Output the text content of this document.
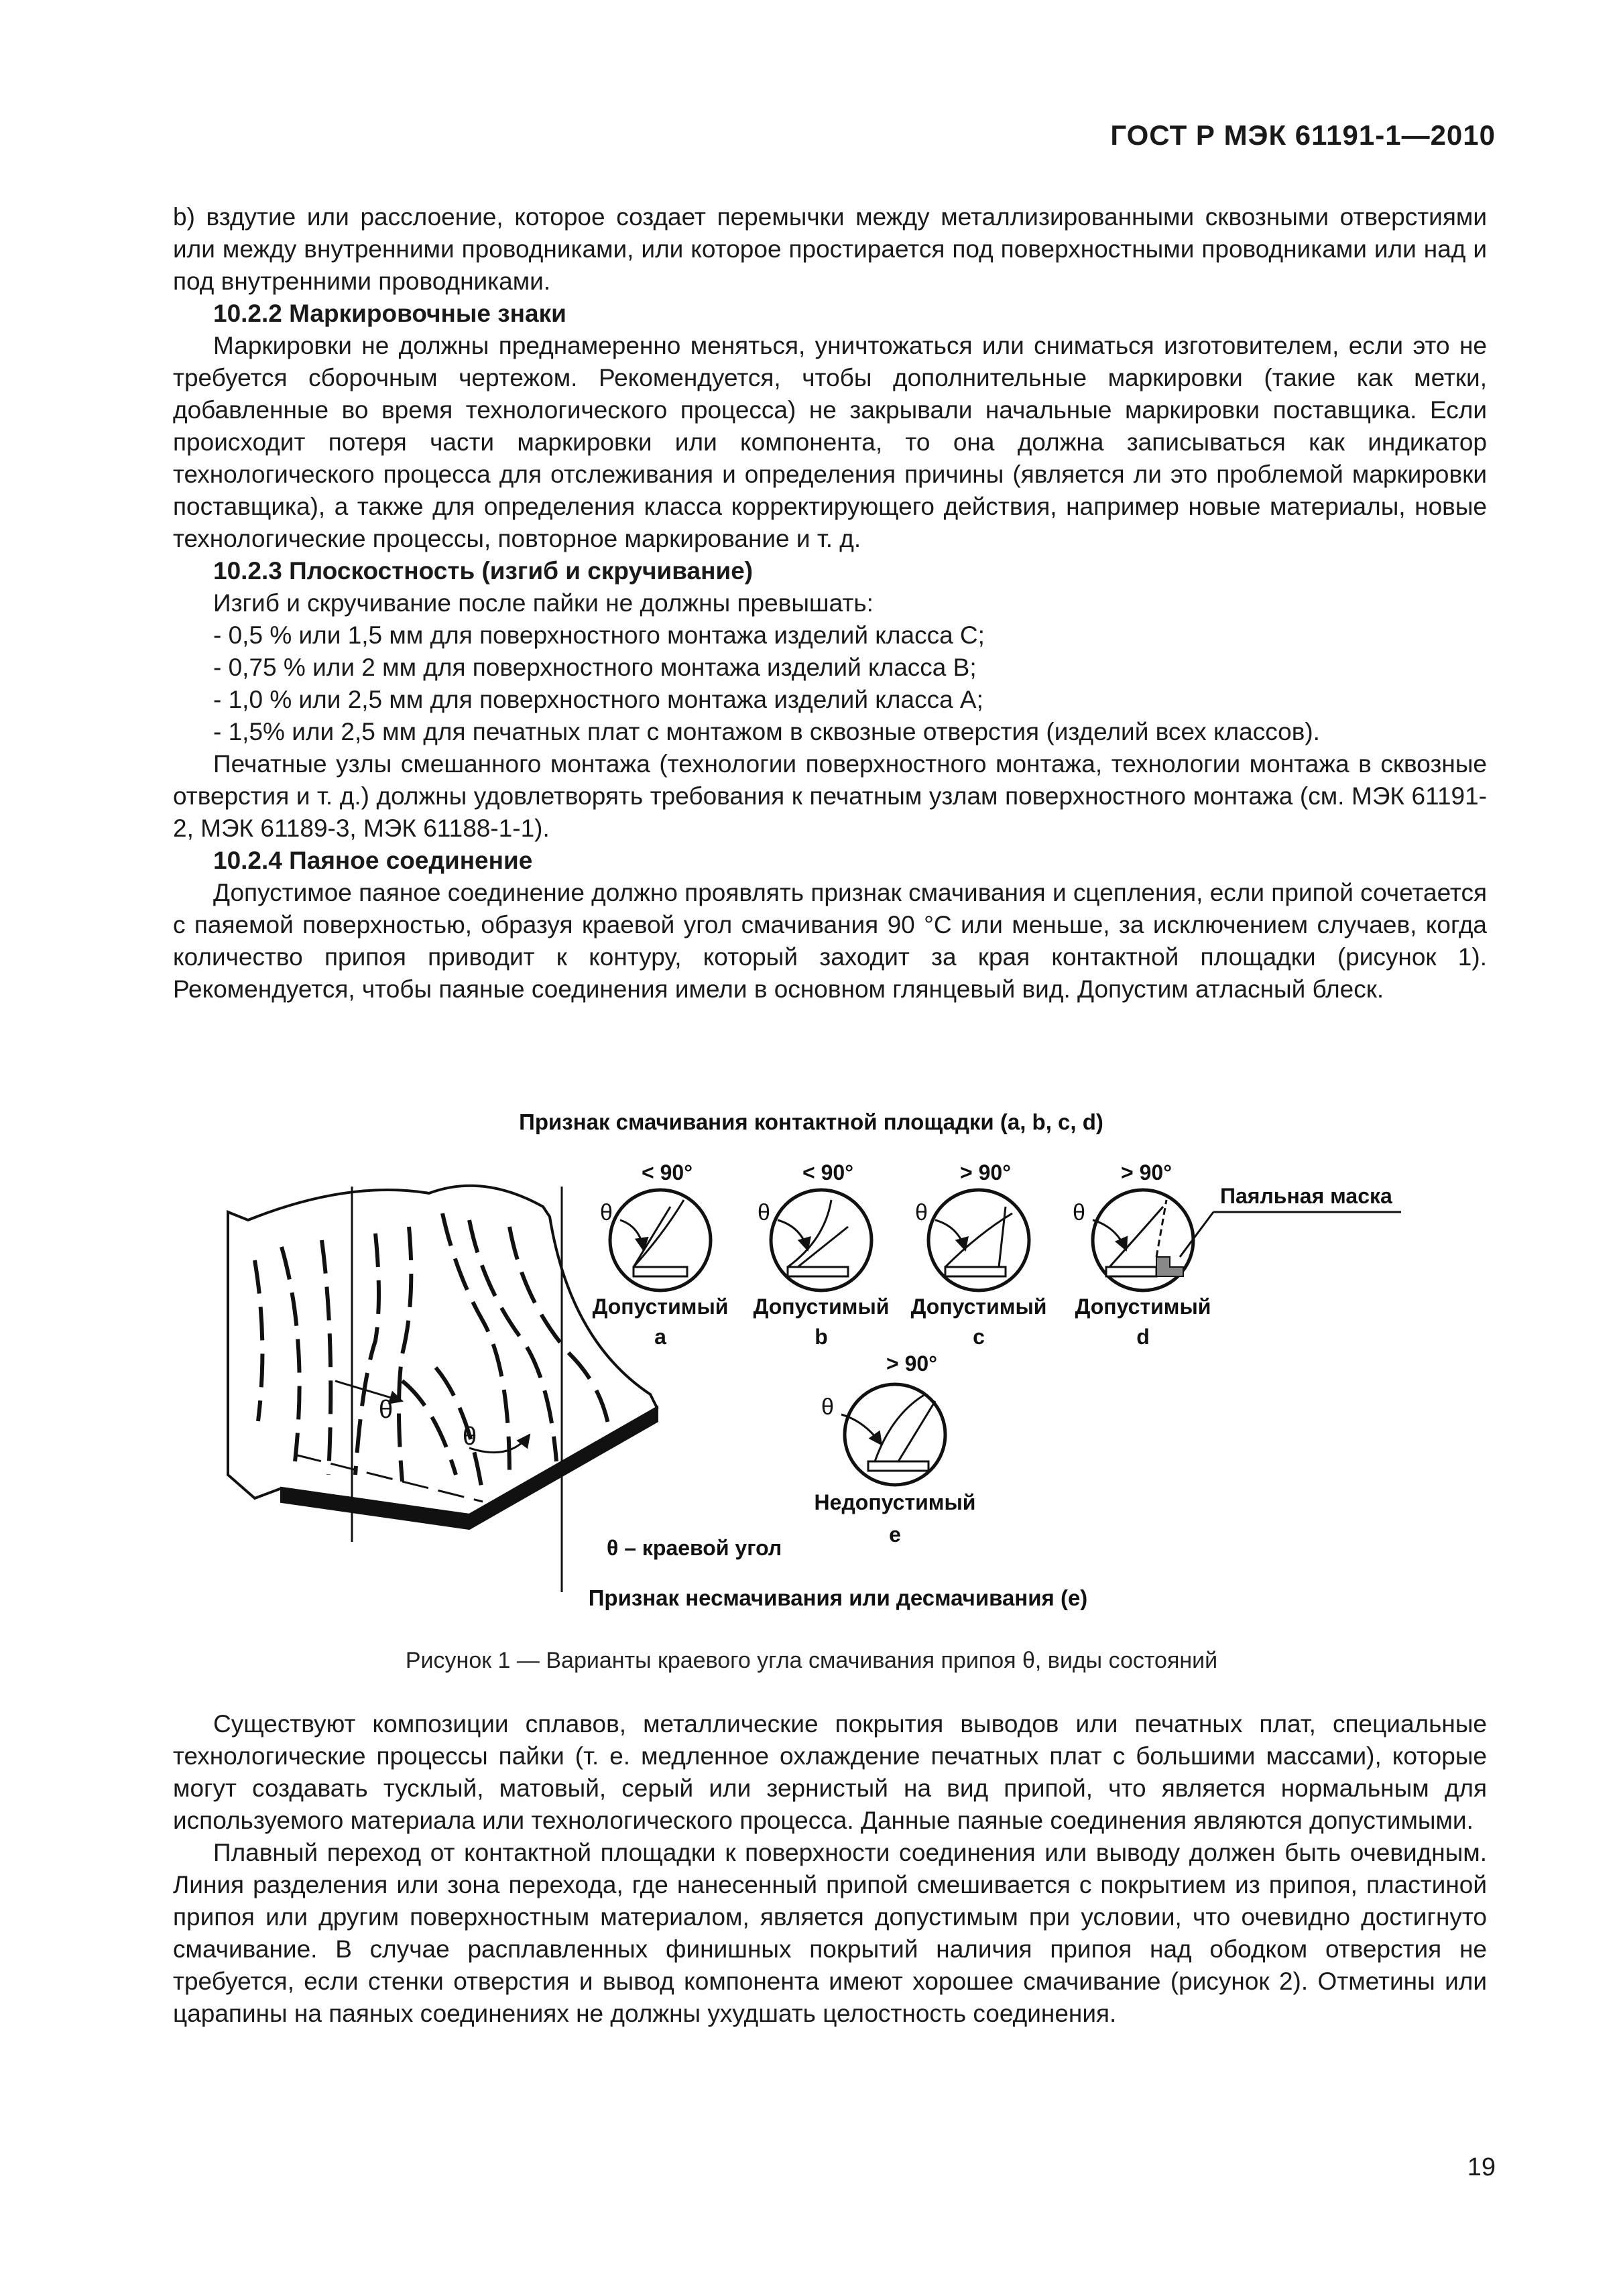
ГОСТ Р МЭК 61191-1—2010

b) вздутие или расслоение, которое создает перемычки между металлизированными сквозными отверстиями или между внутренними проводниками, или которое простирается под поверхностными проводниками или над и под внутренними проводниками.

10.2.2 Маркировочные знаки

Маркировки не должны преднамеренно меняться, уничтожаться или сниматься изготовителем, если это не требуется сборочным чертежом. Рекомендуется, чтобы дополнительные маркировки (такие как метки, добавленные во время технологического процесса) не закрывали начальные маркировки поставщика. Если происходит потеря части маркировки или компонента, то она должна записываться как индикатор технологического процесса для отслеживания и определения причины (является ли это проблемой маркировки поставщика), а также для определения класса корректирующего действия, например новые материалы, новые технологические процессы, повторное маркирование и т. д.

10.2.3 Плоскостность (изгиб и скручивание)

Изгиб и скручивание после пайки не должны превышать:

- 0,5 % или 1,5 мм для поверхностного монтажа изделий класса С;

- 0,75 % или 2 мм для поверхностного монтажа изделий класса В;

- 1,0 % или 2,5 мм для поверхностного монтажа изделий класса А;

- 1,5% или 2,5 мм для печатных плат с монтажом в сквозные отверстия (изделий всех классов).

Печатные узлы смешанного монтажа (технологии поверхностного монтажа, технологии монтажа в сквозные отверстия и т. д.) должны удовлетворять требования к печатным узлам поверхностного монтажа (см. МЭК 61191-2, МЭК 61189-3, МЭК 61188-1-1).

10.2.4 Паяное соединение

Допустимое паяное соединение должно проявлять признак смачивания и сцепления, если припой сочетается с паяемой поверхностью, образуя краевой угол смачивания 90 °С или меньше, за исключением случаев, когда количество припоя приводит к контуру, который заходит за края контактной площадки (рисунок 1). Рекомендуется, чтобы паяные соединения имели в основном глянцевый вид. Допустим атласный блеск.

Признак смачивания контактной площадки (a, b, c, d)
θ
θ
θ – краевой угол
< 90°
θ
Допустимый
a
< 90°
θ
Допустимый
b
> 90°
θ
Допустимый
c
> 90°
θ
Паяльная маска
Допустимый
d
> 90°
θ
Недопустимый
e
Признак несмачивания или десмачивания (e)
Рисунок 1 — Варианты краевого угла смачивания припоя θ, виды состояний

Существуют композиции сплавов, металлические покрытия выводов или печатных плат, специальные технологические процессы пайки (т. е. медленное охлаждение печатных плат с большими массами), которые могут создавать тусклый, матовый, серый или зернистый на вид припой, что является нормальным для используемого материала или технологического процесса. Данные паяные соединения являются допустимыми.

Плавный переход от контактной площадки к поверхности соединения или выводу должен быть очевидным. Линия разделения или зона перехода, где нанесенный припой смешивается с покрытием из припоя, пластиной припоя или другим поверхностным материалом, является допустимым при условии, что очевидно достигнуто смачивание. В случае расплавленных финишных покрытий наличия припоя над ободком отверстия не требуется, если стенки отверстия и вывод компонента имеют хорошее смачивание (рисунок 2). Отметины или царапины на паяных соединениях не должны ухудшать целостность соединения.

19
